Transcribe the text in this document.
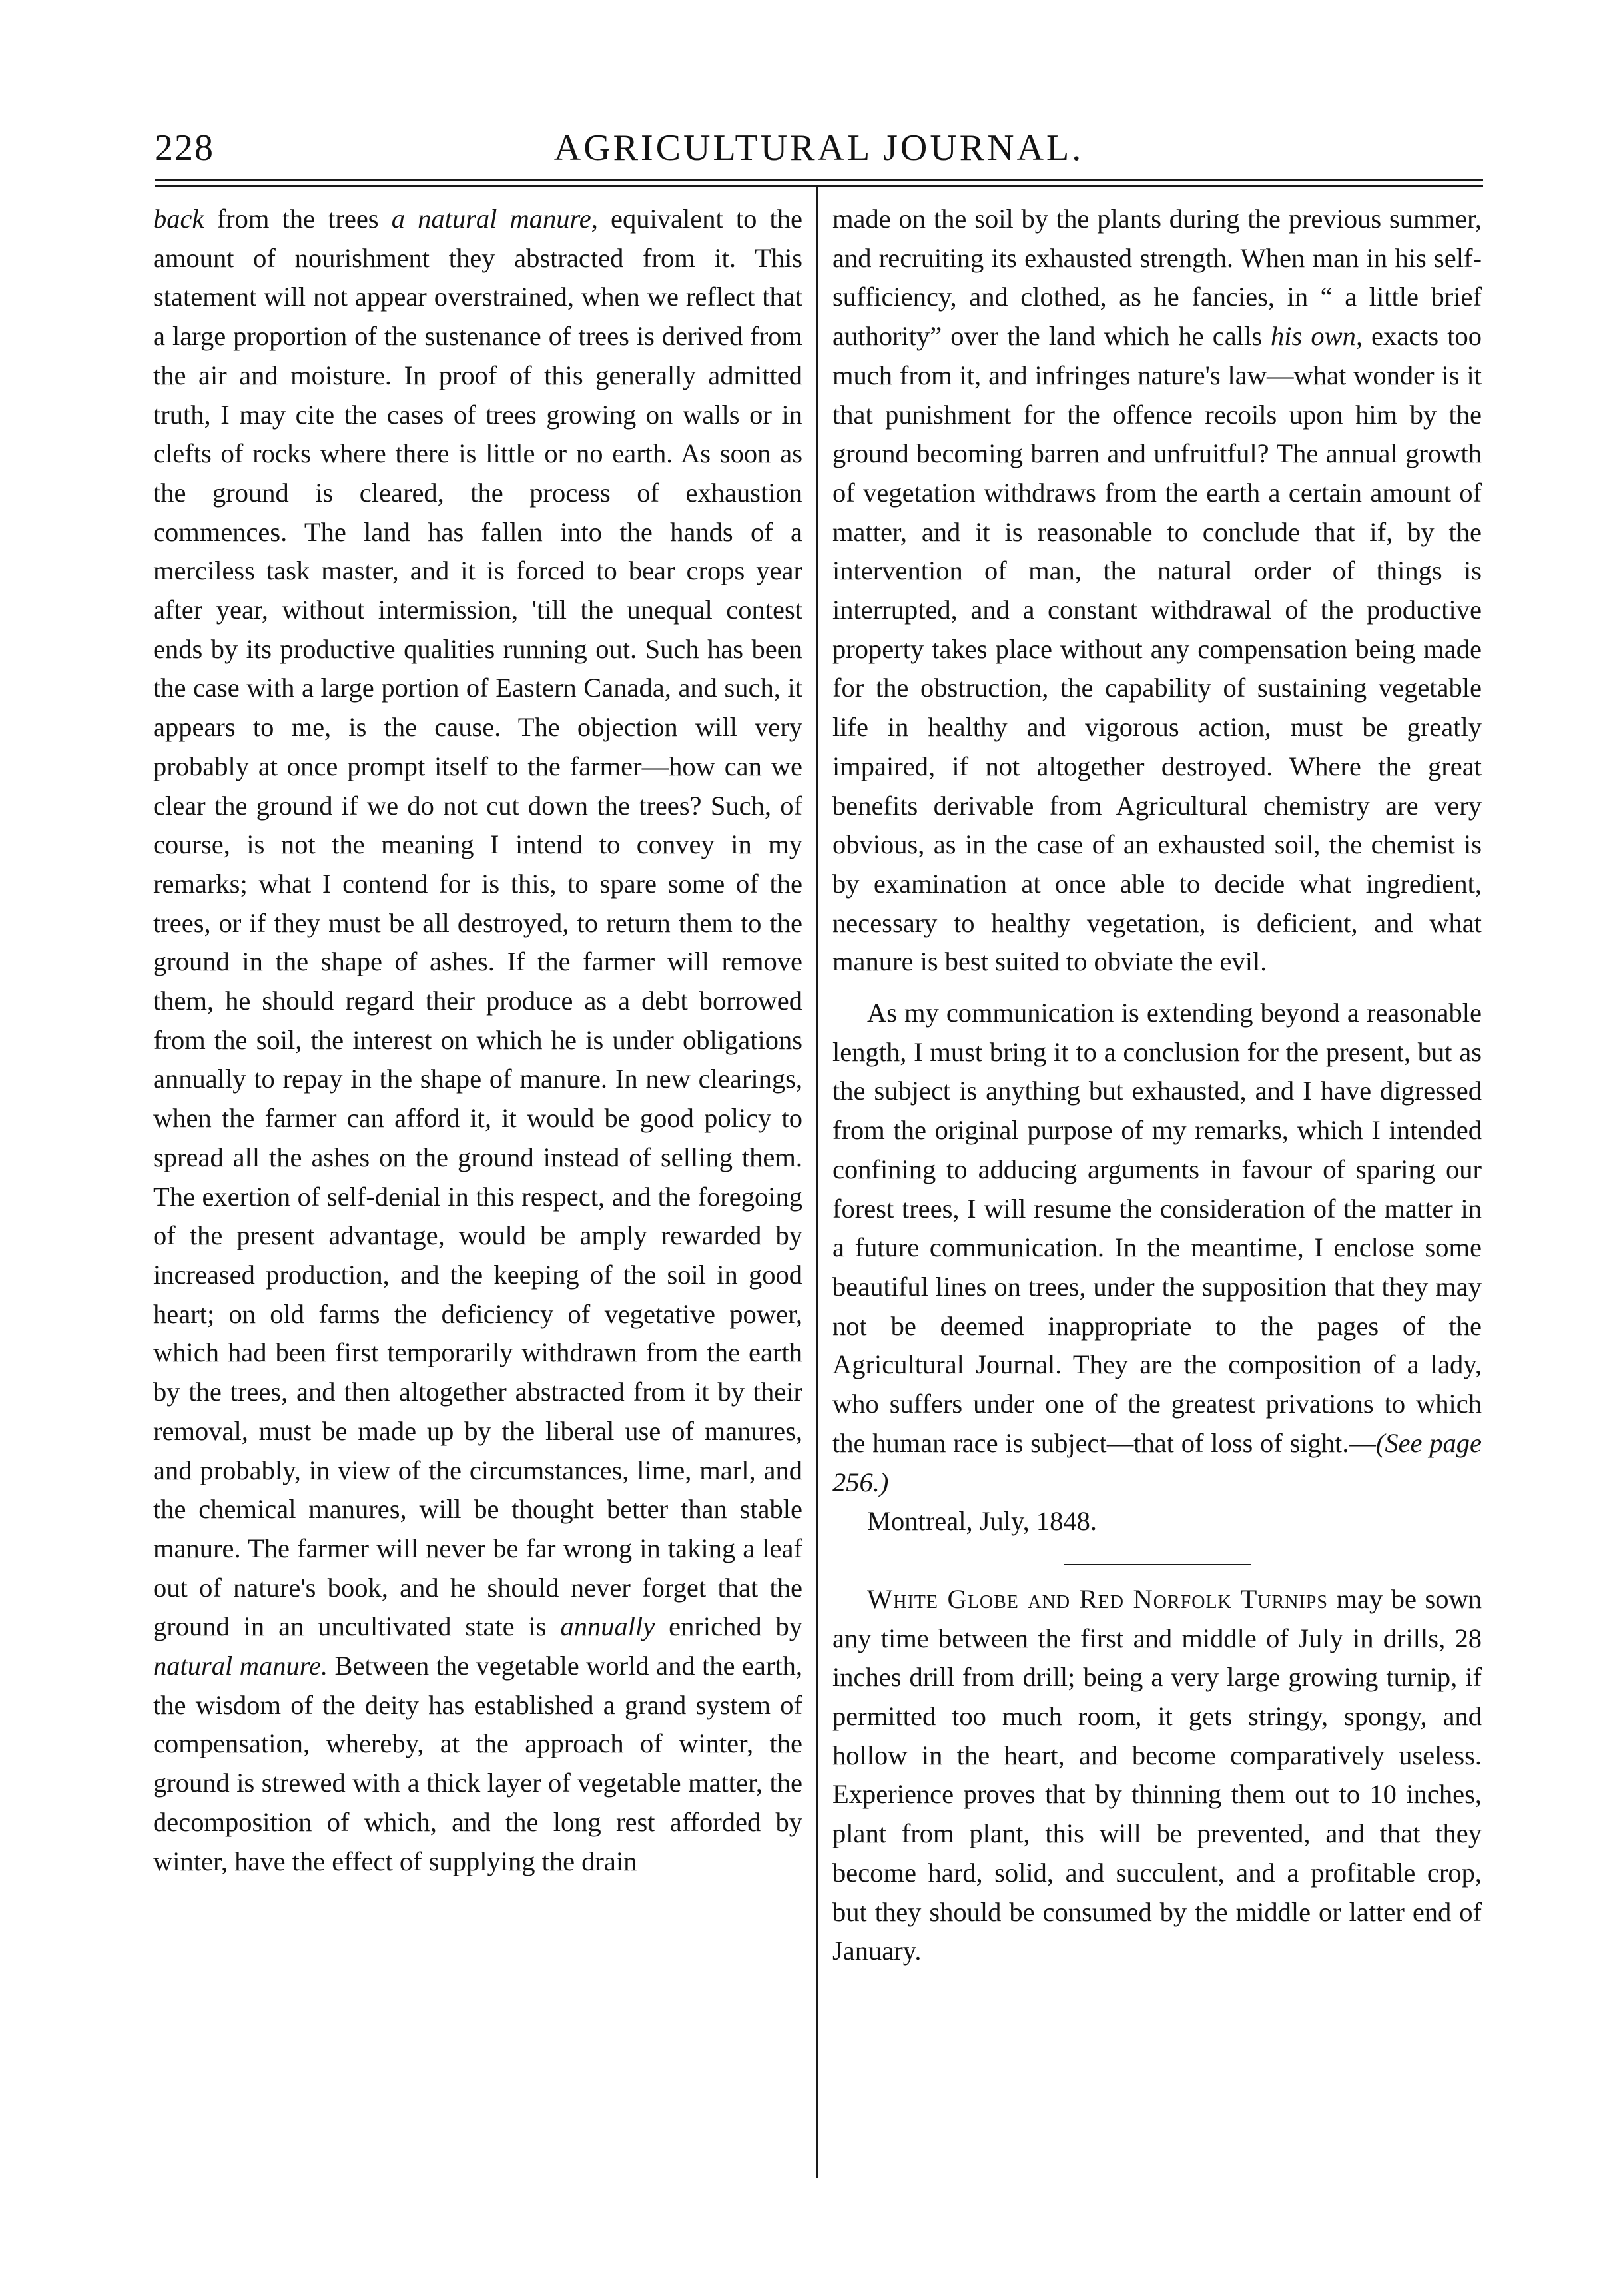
228	AGRICULTURAL JOURNAL.

back from the trees a natural manure, equivalent to the amount of nourishment they abstracted from it. This statement will not appear overstrained, when we reflect that a large proportion of the sustenance of trees is derived from the air and moisture. In proof of this generally admitted truth, I may cite the cases of trees growing on walls or in clefts of rocks where there is little or no earth. As soon as the ground is cleared, the process of exhaustion commences. The land has fallen into the hands of a merciless task master, and it is forced to bear crops year after year, without intermission, 'till the unequal contest ends by its productive qualities running out. Such has been the case with a large portion of Eastern Canada, and such, it appears to me, is the cause. The objection will very probably at once prompt itself to the farmer—how can we clear the ground if we do not cut down the trees? Such, of course, is not the meaning I intend to convey in my remarks; what I contend for is this, to spare some of the trees, or if they must be all destroyed, to return them to the ground in the shape of ashes. If the farmer will remove them, he should regard their produce as a debt borrowed from the soil, the interest on which he is under obligations annually to repay in the shape of manure. In new clearings, when the farmer can afford it, it would be good policy to spread all the ashes on the ground instead of selling them. The exertion of self-denial in this respect, and the foregoing of the present advantage, would be amply rewarded by increased production, and the keeping of the soil in good heart; on old farms the deficiency of vegetative power, which had been first temporarily withdrawn from the earth by the trees, and then altogether abstracted from it by their removal, must be made up by the liberal use of manures, and probably, in view of the circumstances, lime, marl, and the chemical manures, will be thought better than stable manure. The farmer will never be far wrong in taking a leaf out of nature's book, and he should never forget that the ground in an uncultivated state is annually enriched by natural manure. Between the vegetable world and the earth, the wisdom of the deity has established a grand system of compensation, whereby, at the approach of winter, the ground is strewed with a thick layer of vegetable matter, the decomposition of which, and the long rest afforded by winter, have the effect of supplying the drain

made on the soil by the plants during the previous summer, and recruiting its exhausted strength. When man in his self-sufficiency, and clothed, as he fancies, in “ a little brief authority” over the land which he calls his own, exacts too much from it, and infringes nature's law—what wonder is it that punishment for the offence recoils upon him by the ground becoming barren and unfruitful? The annual growth of vegetation withdraws from the earth a certain amount of matter, and it is reasonable to conclude that if, by the intervention of man, the natural order of things is interrupted, and a constant withdrawal of the productive property takes place without any compensation being made for the obstruction, the capability of sustaining vegetable life in healthy and vigorous action, must be greatly impaired, if not altogether destroyed. Where the great benefits derivable from Agricultural chemistry are very obvious, as in the case of an exhausted soil, the chemist is by examination at once able to decide what ingredient, necessary to healthy vegetation, is deficient, and what manure is best suited to obviate the evil.

As my communication is extending beyond a reasonable length, I must bring it to a conclusion for the present, but as the subject is anything but exhausted, and I have digressed from the original purpose of my remarks, which I intended confining to adducing arguments in favour of sparing our forest trees, I will resume the consideration of the matter in a future communication. In the meantime, I enclose some beautiful lines on trees, under the supposition that they may not be deemed inappropriate to the pages of the Agricultural Journal. They are the composition of a lady, who suffers under one of the greatest privations to which the human race is subject—that of loss of sight.—(See page 256.)

Montreal, July, 1848.

White Globe and Red Norfolk Turnips may be sown any time between the first and middle of July in drills, 28 inches drill from drill; being a very large growing turnip, if permitted too much room, it gets stringy, spongy, and hollow in the heart, and become comparatively useless. Experience proves that by thinning them out to 10 inches, plant from plant, this will be prevented, and that they become hard, solid, and succulent, and a profitable crop, but they should be consumed by the middle or latter end of January.
